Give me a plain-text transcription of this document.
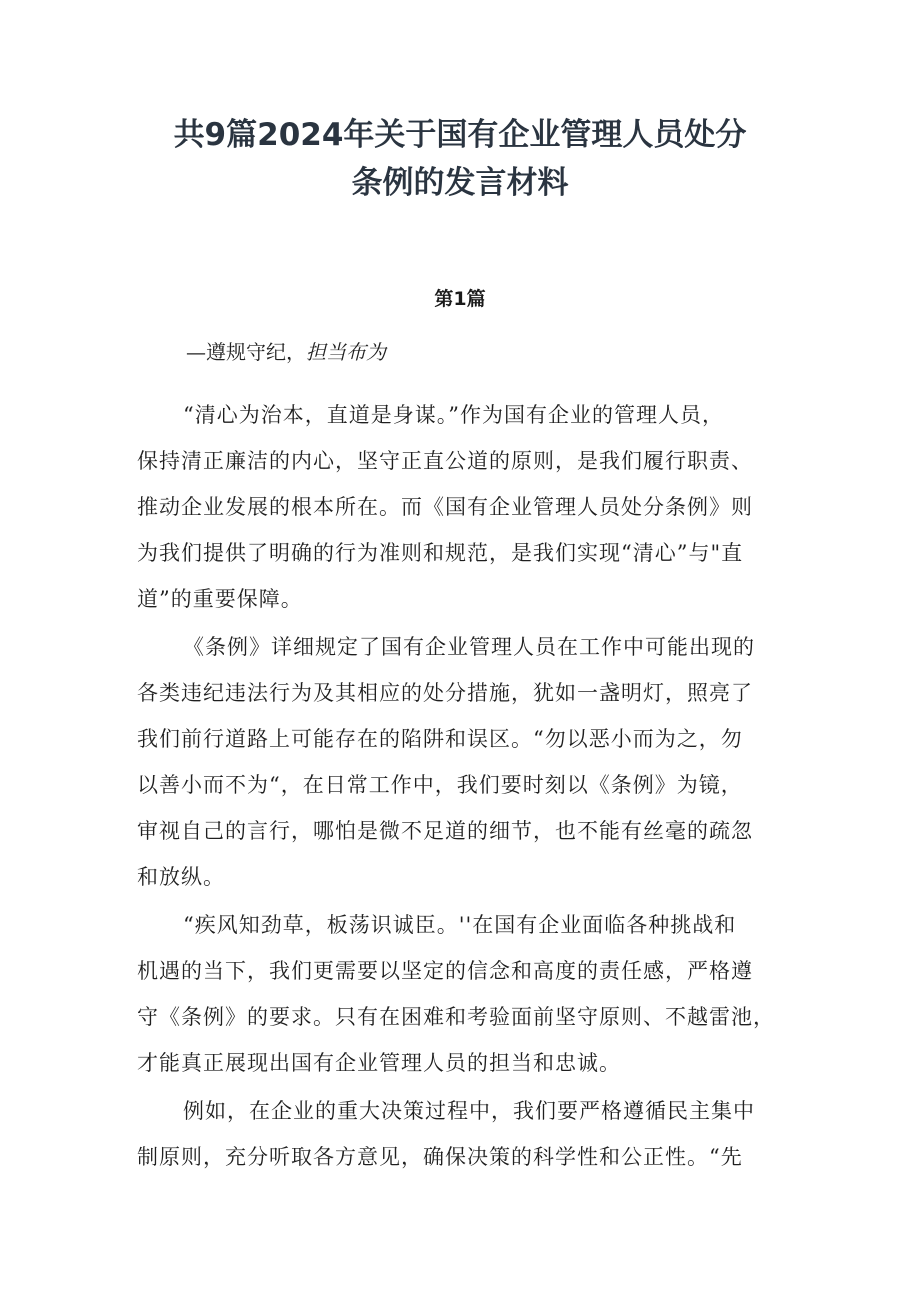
共9篇2024年关于国有企业管理人员处分
条例的发言材料
第1篇

—遵规守纪，担当布为

“清心为治本，直道是身谋。”作为国有企业的管理人员，
保持清正廉洁的内心，坚守正直公道的原则，是我们履行职责、
推动企业发展的根本所在。而《国有企业管理人员处分条例》则
为我们提供了明确的行为准则和规范，是我们实现“清心”与"直
道”的重要保障。
《条例》详细规定了国有企业管理人员在工作中可能出现的
各类违纪违法行为及其相应的处分措施，犹如一盏明灯，照亮了
我们前行道路上可能存在的陷阱和误区。“勿以恶小而为之，勿
以善小而不为“，在日常工作中，我们要时刻以《条例》为镜，
审视自己的言行，哪怕是微不足道的细节，也不能有丝毫的疏忽
和放纵。
“疾风知劲草，板荡识诚臣。''在国有企业面临各种挑战和
机遇的当下，我们更需要以坚定的信念和高度的责任感，严格遵
守《条例》的要求。只有在困难和考验面前坚守原则、不越雷池，
才能真正展现出国有企业管理人员的担当和忠诚。
例如，在企业的重大决策过程中，我们要严格遵循民主集中
制原则，充分听取各方意见，确保决策的科学性和公正性。“先
